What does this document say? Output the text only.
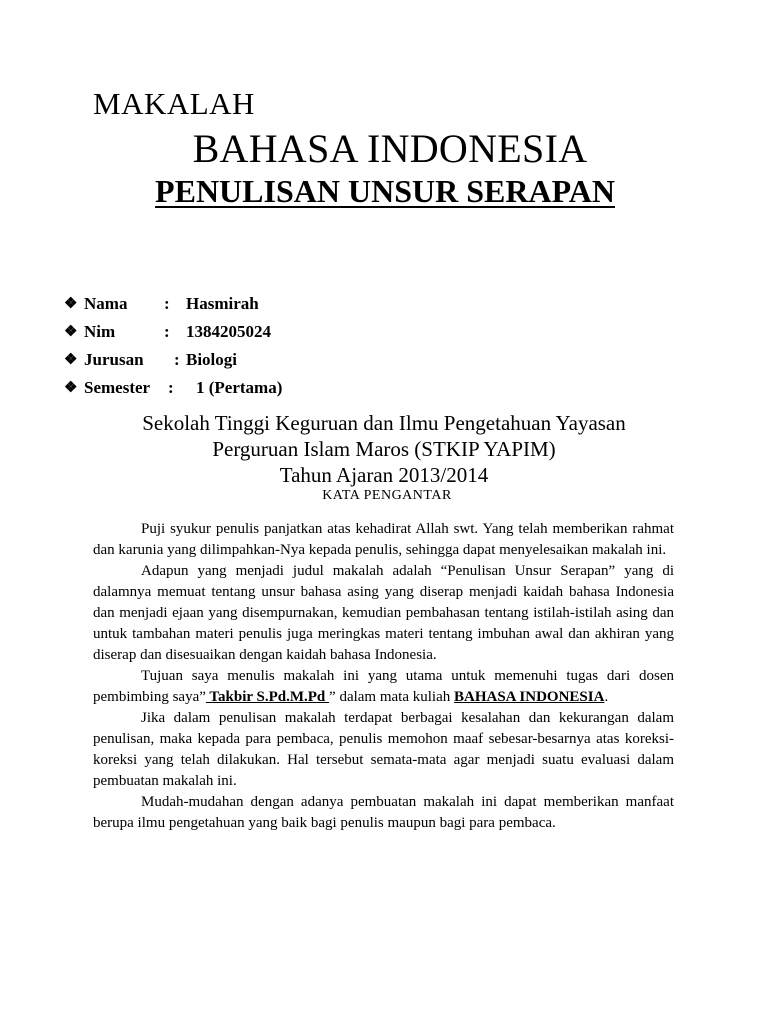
MAKALAH
BAHASA INDONESIA
PENULISAN UNSUR SERAPAN
❖ Nama : Hasmirah
❖ Nim	: 1384205024
❖ Jurusan : Biologi
❖ Semester : 1 (Pertama)
Sekolah Tinggi Keguruan dan Ilmu Pengetahuan Yayasan
Perguruan Islam Maros (STKIP YAPIM)
Tahun Ajaran 2013/2014
KATA PENGANTAR

Puji syukur penulis panjatkan atas kehadirat Allah swt. Yang telah memberikan rahmat dan karunia yang dilimpahkan-Nya kepada penulis, sehingga dapat menyelesaikan makalah ini.

Adapun yang menjadi judul makalah adalah “Penulisan Unsur Serapan” yang di dalamnya memuat tentang unsur bahasa asing yang diserap menjadi kaidah bahasa Indonesia dan menjadi ejaan yang disempurnakan, kemudian pembahasan tentang istilah-istilah asing dan untuk tambahan materi penulis juga meringkas materi tentang imbuhan awal dan akhiran yang diserap dan disesuaikan dengan kaidah bahasa Indonesia.

Tujuan saya menulis makalah ini yang utama untuk memenuhi tugas dari dosen pembimbing saya” Takbir S.Pd.M.Pd ” dalam mata kuliah BAHASA INDONESIA.

Jika dalam penulisan makalah terdapat berbagai kesalahan dan kekurangan dalam penulisan, maka kepada para pembaca, penulis memohon maaf sebesar-besarnya atas koreksi-koreksi yang telah dilakukan. Hal tersebut semata-mata agar menjadi suatu evaluasi dalam pembuatan makalah ini.

Mudah-mudahan dengan adanya pembuatan makalah ini dapat memberikan manfaat berupa ilmu pengetahuan yang baik bagi penulis maupun bagi para pembaca.
